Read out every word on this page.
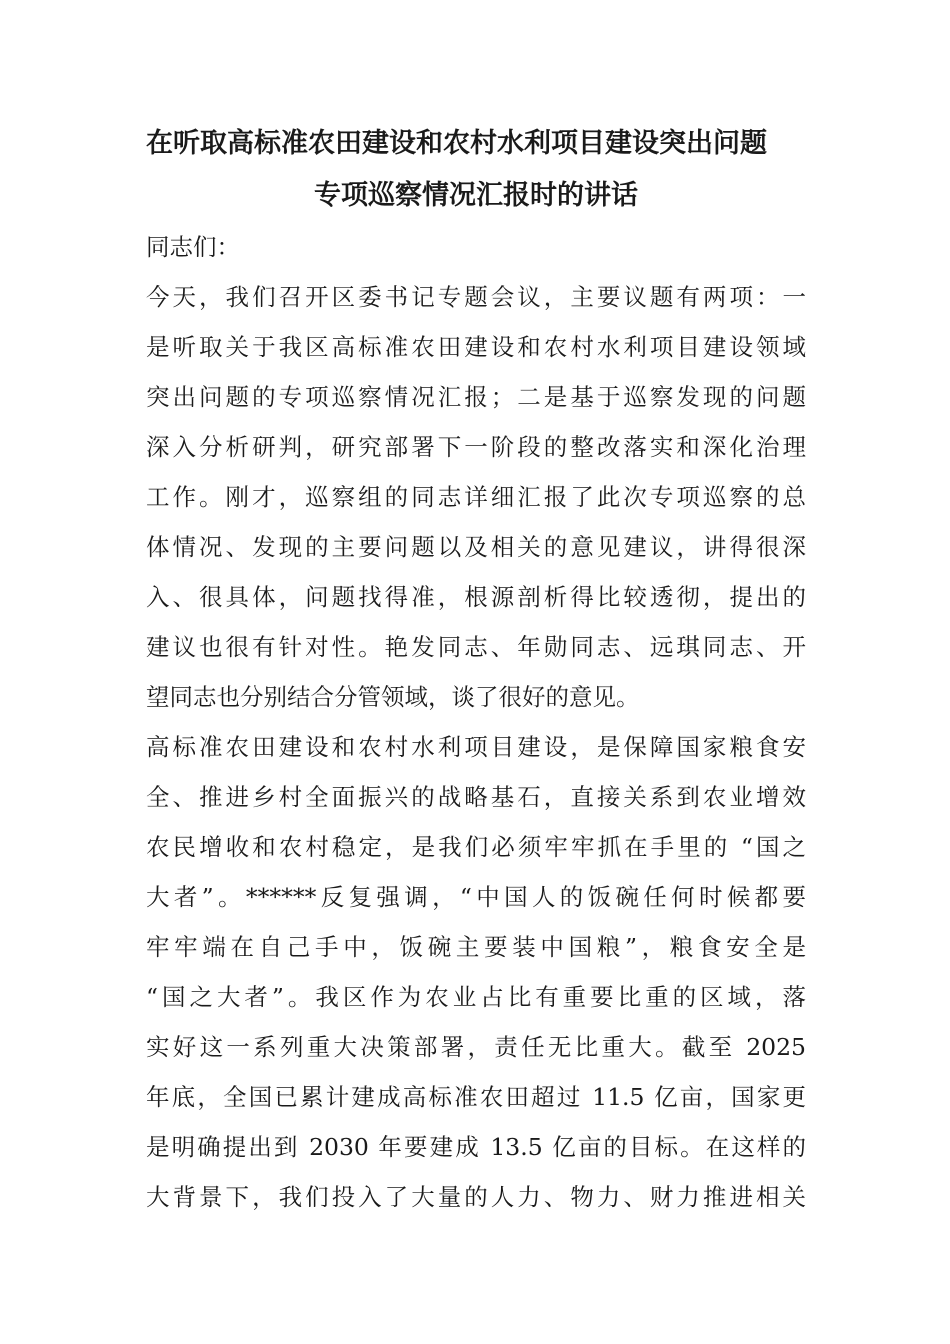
在听取高标准农田建设和农村水利项目建设突出问题
专项巡察情况汇报时的讲话
同志们：
今天，我们召开区委书记专题会议，主要议题有两项：一
是听取关于我区高标准农田建设和农村水利项目建设领域
突出问题的专项巡察情况汇报；二是基于巡察发现的问题
深入分析研判，研究部署下一阶段的整改落实和深化治理
工作。刚才，巡察组的同志详细汇报了此次专项巡察的总
体情况、发现的主要问题以及相关的意见建议，讲得很深
入、很具体，问题找得准，根源剖析得比较透彻，提出的
建议也很有针对性。艳发同志、年勋同志、远琪同志、开
望同志也分别结合分管领域，谈了很好的意见。
高标准农田建设和农村水利项目建设，是保障国家粮食安
全、推进乡村全面振兴的战略基石，直接关系到农业增效
农民增收和农村稳定，是我们必须牢牢抓在手里的 “国之
大者”。******反复强调，“中国人的饭碗任何时候都要
牢牢端在自己手中，饭碗主要装中国粮”，粮食安全是
“国之大者”。我区作为农业占比有重要比重的区域，落
实好这一系列重大决策部署，责任无比重大。截至 2025
年底，全国已累计建成高标准农田超过 11.5 亿亩，国家更
是明确提出到 2030 年要建成 13.5 亿亩的目标。在这样的
大背景下，我们投入了大量的人力、物力、财力推进相关
